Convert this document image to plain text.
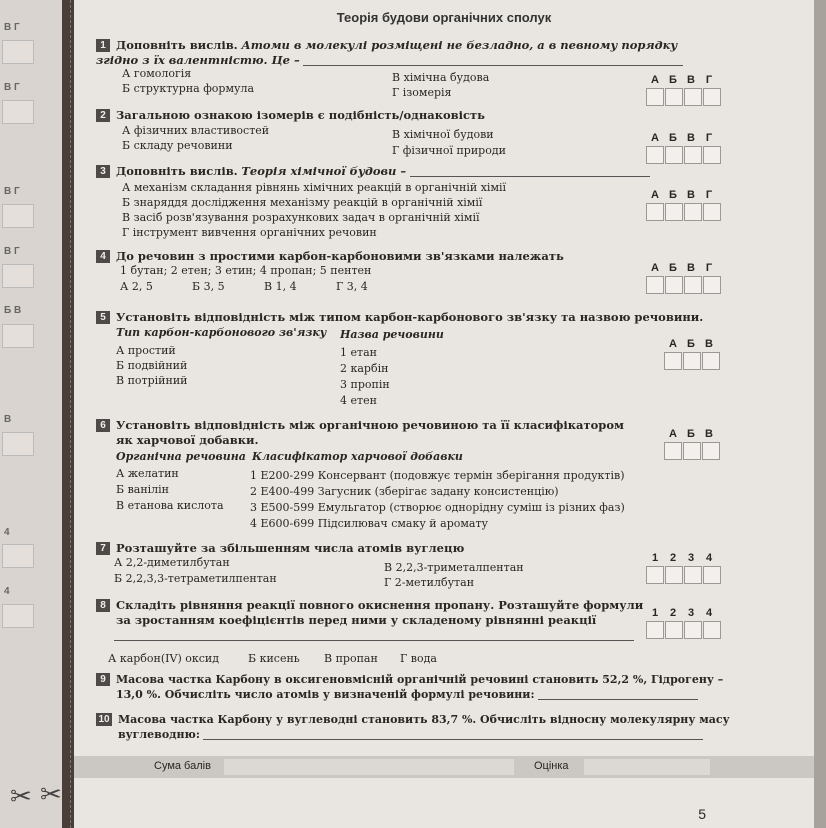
В Г
В Г
В Г
В Г
Б В
В
4
4
✂ ✂
Теорія будови органічних сполук
1 Доповніть вислів. Атоми в молекулі розміщені не безладно, а в певному порядку згідно з їх валентністю. Це –
А гомологія
Б структурна формула
В хімічна будова
Г ізомерія
А Б В Г
2 Загальною ознакою ізомерів є подібність/однаковість
А фізичних властивостей
Б складу речовини
В хімічної будови
Г фізичної природи
А Б В Г
3 Доповніть вислів. Теорія хімічної будови –
А механізм складання рівнянь хімічних реакцій в органічній хімії
Б знаряддя дослідження механізму реакцій в органічній хімії
В засіб розв'язування розрахункових задач в органічній хімії
Г інструмент вивчення органічних речовин
А Б В Г
4 До речовин з простими карбон-карбоновими зв'язками належать
1 бутан; 2 етен; 3 етин; 4 пропан; 5 пентен
А 2, 5	Б 3, 5	В 1, 4	Г 3, 4
А Б В Г
5 Установіть відповідність між типом карбон-карбонового зв'язку та назвою речовини.
Тип карбон-карбонового зв'язку Назва речовини
А простий
Б подвійний
В потрійний
1 етан
2 карбін
3 пропін
4 етен
А Б В
6 Установіть відповідність між органічною речовиною та її класифікатором
як харчової добавки.
Органічна речовина Класифікатор харчової добавки
А желатин
Б ванілін
В етанова кислота
1 Е200-299 Консервант (подовжує термін зберігання продуктів)
2 Е400-499 Загусник (зберігає задану консистенцію)
3 Е500-599 Емульгатор (створює однорідну суміш із різних фаз)
4 Е600-699 Підсилювач смаку й аромату
А Б В
7 Розташуйте за збільшенням числа атомів вуглецю
А 2,2-диметилбутан
Б 2,2,3,3-тетраметилпентан
В 2,2,3-триметалпентан
Г 2-метилбутан
1 2 3 4
8 Складіть рівняння реакції повного окиснення пропану. Розташуйте формули
за зростанням коефіцієнтів перед ними у складеному рівнянні реакції
А карбон(IV) оксид	Б кисень В пропан Г вода
1 2 3 4
9 Масова частка Карбону в оксигеновмісній органічній речовині становить 52,2 %, Гідрогену –
13,0 %. Обчисліть число атомів у визначеній формулі речовини:
10 Масова частка Карбону у вуглеводні становить 83,7 %. Обчисліть відносну молекулярну масу
вуглеводню:
Сума балів	Оцінка
5
